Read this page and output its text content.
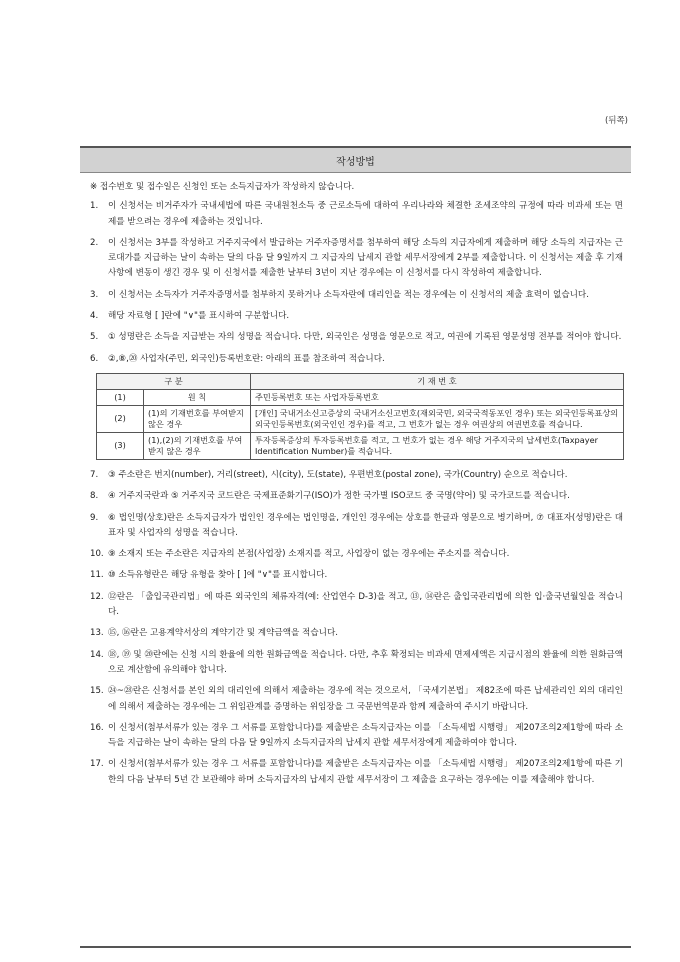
(뒤쪽)
작성방법
※ 접수번호 및 접수일은 신청인 또는 소득지급자가 작성하지 않습니다.
1.	이 신청서는 비거주자가 국내세법에 따른 국내원천소득 중 근로소득에 대하여 우리나라와 체결한 조세조약의 규정에 따라 비과세 또는 면제를 받으려는 경우에 제출하는 것입니다.
2.	이 신청서는 3부를 작성하고 거주지국에서 발급하는 거주자증명서를 첨부하여 해당 소득의 지급자에게 제출하며 해당 소득의 지급자는 근로대가를 지급하는 날이 속하는 달의 다음 달 9일까지 그 지급자의 납세지 관할 세무서장에게 2부를 제출합니다. 이 신청서는 제출 후 기재사항에 변동이 생긴 경우 및 이 신청서를 제출한 날부터 3년이 지난 경우에는 이 신청서를 다시 작성하여 제출합니다.
3.	이 신청서는 소득자가 거주자증명서를 첨부하지 못하거나 소득자란에 대리인을 적는 경우에는 이 신청서의 제출 효력이 없습니다.
4.	해당 자료형 [ ]란에 "∨"를 표시하여 구분합니다.
5.	① 성명란은 소득을 지급받는 자의 성명을 적습니다. 다만, 외국인은 성명을 영문으로 적고, 여권에 기록된 영문성명 전부를 적어야 합니다.
6.	②,⑧,⑳ 사업자(주민, 외국인)등록번호란: 아래의 표를 참조하여 적습니다.
구 분		기 재 번 호
(1)	원 칙	주민등록번호 또는 사업자등록번호
(2)	(1)의 기재번호를 부여받지 않은 경우	[개인] 국내거소신고증상의 국내거소신고번호(재외국민, 외국국적동포인 경우) 또는 외국인등록표상의 외국인등록번호(외국인인 경우)를 적고, 그 번호가 없는 경우 여권상의 여권번호를 적습니다.
(3)	(1),(2)의 기재번호를 부여받지 않은 경우	투자등록증상의 투자등록번호를 적고, 그 번호가 없는 경우 해당 거주지국의 납세번호(Taxpayer Identification Number)를 적습니다.
7.	③ 주소란은 번지(number), 거리(street), 시(city), 도(state), 우편번호(postal zone), 국가(Country) 순으로 적습니다.
8.	④ 거주지국란과 ⑤ 거주지국 코드란은 국제표준화기구(ISO)가 정한 국가별 ISO코드 중 국명(약어) 및 국가코드를 적습니다.
9.	⑥ 법인명(상호)란은 소득지급자가 법인인 경우에는 법인명을, 개인인 경우에는 상호를 한글과 영문으로 병기하며, ⑦ 대표자(성명)란은 대표자 및 사업자의 성명을 적습니다.
10. ⑨ 소재지 또는 주소란은 지급자의 본점(사업장) 소재지를 적고, 사업장이 없는 경우에는 주소지를 적습니다.
11. ⑩ 소득유형란은 해당 유형을 찾아 [ ]에 "∨"를 표시합니다.
12. ⑫란은 「출입국관리법」에 따른 외국인의 체류자격(예: 산업연수 D-3)을 적고, ⑬, ⑭란은 출입국관리법에 의한 입·출국년월일을 적습니다.
13. ⑮, ⑯란은 고용계약서상의 계약기간 및 계약금액을 적습니다.
14. ⑱, ⑲ 및 ⑳란에는 신청 시의 환율에 의한 원화금액을 적습니다. 다만, 추후 확정되는 비과세 면제세액은 지급시점의 환율에 의한 원화금액으로 계산함에 유의해야 합니다.
15. ㉔~㉘란은 신청서를 본인 외의 대리인에 의해서 제출하는 경우에 적는 것으로서, 「국세기본법」 제82조에 따른 납세관리인 외의 대리인에 의해서 제출하는 경우에는 그 위임관계를 증명하는 위임장을 그 국문번역문과 함께 제출하여 주시기 바랍니다.
16. 이 신청서(첨부서류가 있는 경우 그 서류를 포함합니다)를 제출받은 소득지급자는 이를 「소득세법 시행령」 제207조의2제1항에 따라 소득을 지급하는 날이 속하는 달의 다음 달 9일까지 소득지급자의 납세지 관할 세무서장에게 제출하여야 합니다.
17. 이 신청서(첨부서류가 있는 경우 그 서류를 포함합니다)를 제출받은 소득지급자는 이를 「소득세법 시행령」 제207조의2제1항에 따른 기한의 다음 날부터 5년 간 보관해야 하며 소득지급자의 납세지 관할 세무서장이 그 제출을 요구하는 경우에는 이를 제출해야 합니다.
